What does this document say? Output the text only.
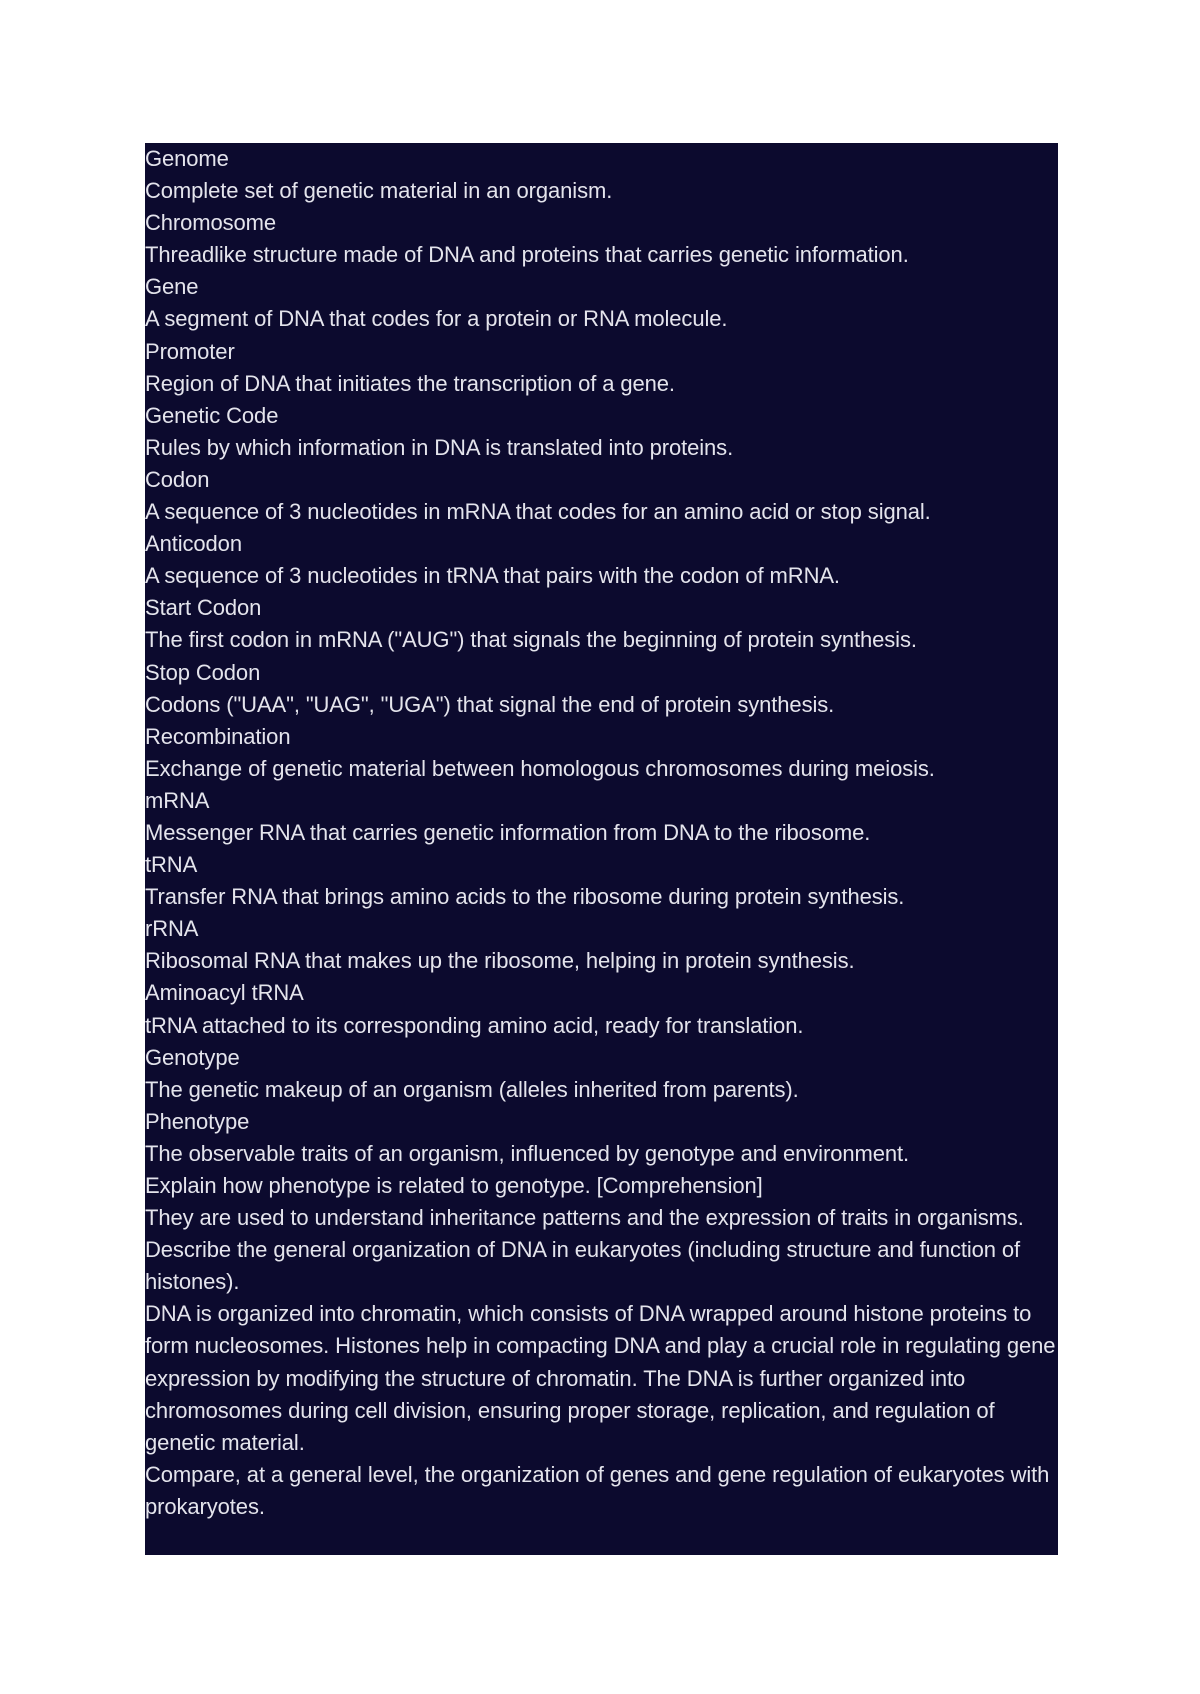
Genome

Complete set of genetic material in an organism.

Chromosome

Threadlike structure made of DNA and proteins that carries genetic information.

Gene

A segment of DNA that codes for a protein or RNA molecule.

Promoter

Region of DNA that initiates the transcription of a gene.

Genetic Code

Rules by which information in DNA is translated into proteins.

Codon

A sequence of 3 nucleotides in mRNA that codes for an amino acid or stop signal.

Anticodon

A sequence of 3 nucleotides in tRNA that pairs with the codon of mRNA.

Start Codon

The first codon in mRNA ("AUG") that signals the beginning of protein synthesis.

Stop Codon

Codons ("UAA", "UAG", "UGA") that signal the end of protein synthesis.

Recombination

Exchange of genetic material between homologous chromosomes during meiosis.

mRNA

Messenger RNA that carries genetic information from DNA to the ribosome.

tRNA

Transfer RNA that brings amino acids to the ribosome during protein synthesis.

rRNA

Ribosomal RNA that makes up the ribosome, helping in protein synthesis.

Aminoacyl tRNA

tRNA attached to its corresponding amino acid, ready for translation.

Genotype

The genetic makeup of an organism (alleles inherited from parents).

Phenotype

The observable traits of an organism, influenced by genotype and environment.

Explain how phenotype is related to genotype. [Comprehension]

They are used to understand inheritance patterns and the expression of traits in organisms.

Describe the general organization of DNA in eukaryotes (including structure and function of histones).

DNA is organized into chromatin, which consists of DNA wrapped around histone proteins to form nucleosomes. Histones help in compacting DNA and play a crucial role in regulating gene expression by modifying the structure of chromatin. The DNA is further organized into chromosomes during cell division, ensuring proper storage, replication, and regulation of genetic material.

Compare, at a general level, the organization of genes and gene regulation of eukaryotes with prokaryotes.
